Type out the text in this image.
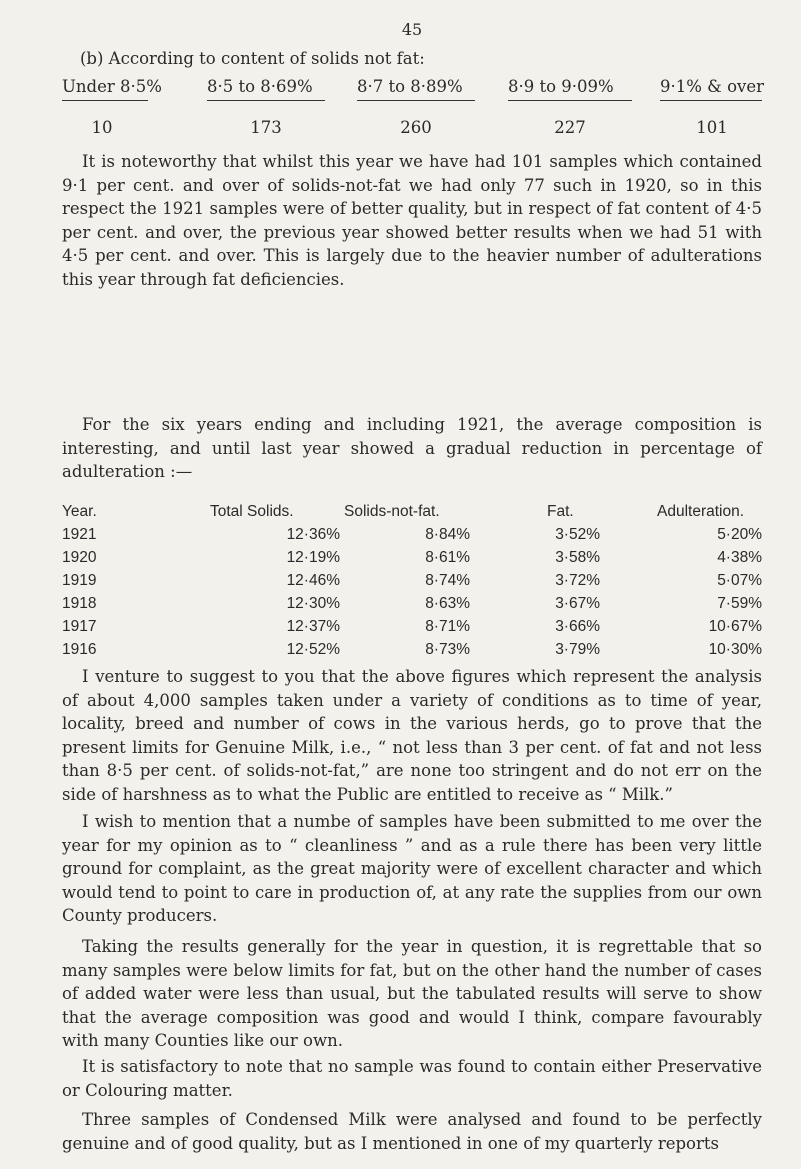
45
(b) According to content of solids not fat:
Under 8·5%	8·5 to 8·69%	8·7 to 8·89%	8·9 to 9·09%	9·1% & over
10	173	260	227	101

It is noteworthy that whilst this year we have had 101 samples which contained 9·1 per cent. and over of solids-not-fat we had only 77 such in 1920, so in this respect the 1921 samples were of better quality, but in respect of fat content of 4·5 per cent. and over, the previous year showed better results when we had 51 with 4·5 per cent. and over. This is largely due to the heavier number of adulterations this year through fat deficiencies.

For the six years ending and including 1921, the average composition is interesting, and until last year showed a gradual reduction in percentage of adulteration :—

Year.	Total Solids.	Solids-not-fat.	Fat.	Adulteration.
1921	12·36%	8·84%	3·52%	5·20%
1920	12·19%	8·61%	3·58%	4·38%
1919	12·46%	8·74%	3·72%	5·07%
1918	12·30%	8·63%	3·67%	7·59%
1917	12·37%	8·71%	3·66%	10·67%
1916	12·52%	8·73%	3·79%	10·30%

I venture to suggest to you that the above figures which represent the analysis of about 4,000 samples taken under a variety of conditions as to time of year, locality, breed and number of cows in the various herds, go to prove that the present limits for Genuine Milk, i.e., “ not less than 3 per cent. of fat and not less than 8·5 per cent. of solids-not-fat,” are none too stringent and do not err on the side of harshness as to what the Public are entitled to receive as “ Milk.”

I wish to mention that a numbe of samples have been submitted to me over the year for my opinion as to “ cleanliness ” and as a rule there has been very little ground for complaint, as the great majority were of excellent character and which would tend to point to care in production of, at any rate the supplies from our own County producers.

Taking the results generally for the year in question, it is regrettable that so many samples were below limits for fat, but on the other hand the number of cases of added water were less than usual, but the tabulated results will serve to show that the average composition was good and would I think, compare favourably with many Counties like our own.

It is satisfactory to note that no sample was found to contain either Preservative or Colouring matter.

Three samples of Condensed Milk were analysed and found to be perfectly genuine and of good quality, but as I mentioned in one of my quarterly reports
